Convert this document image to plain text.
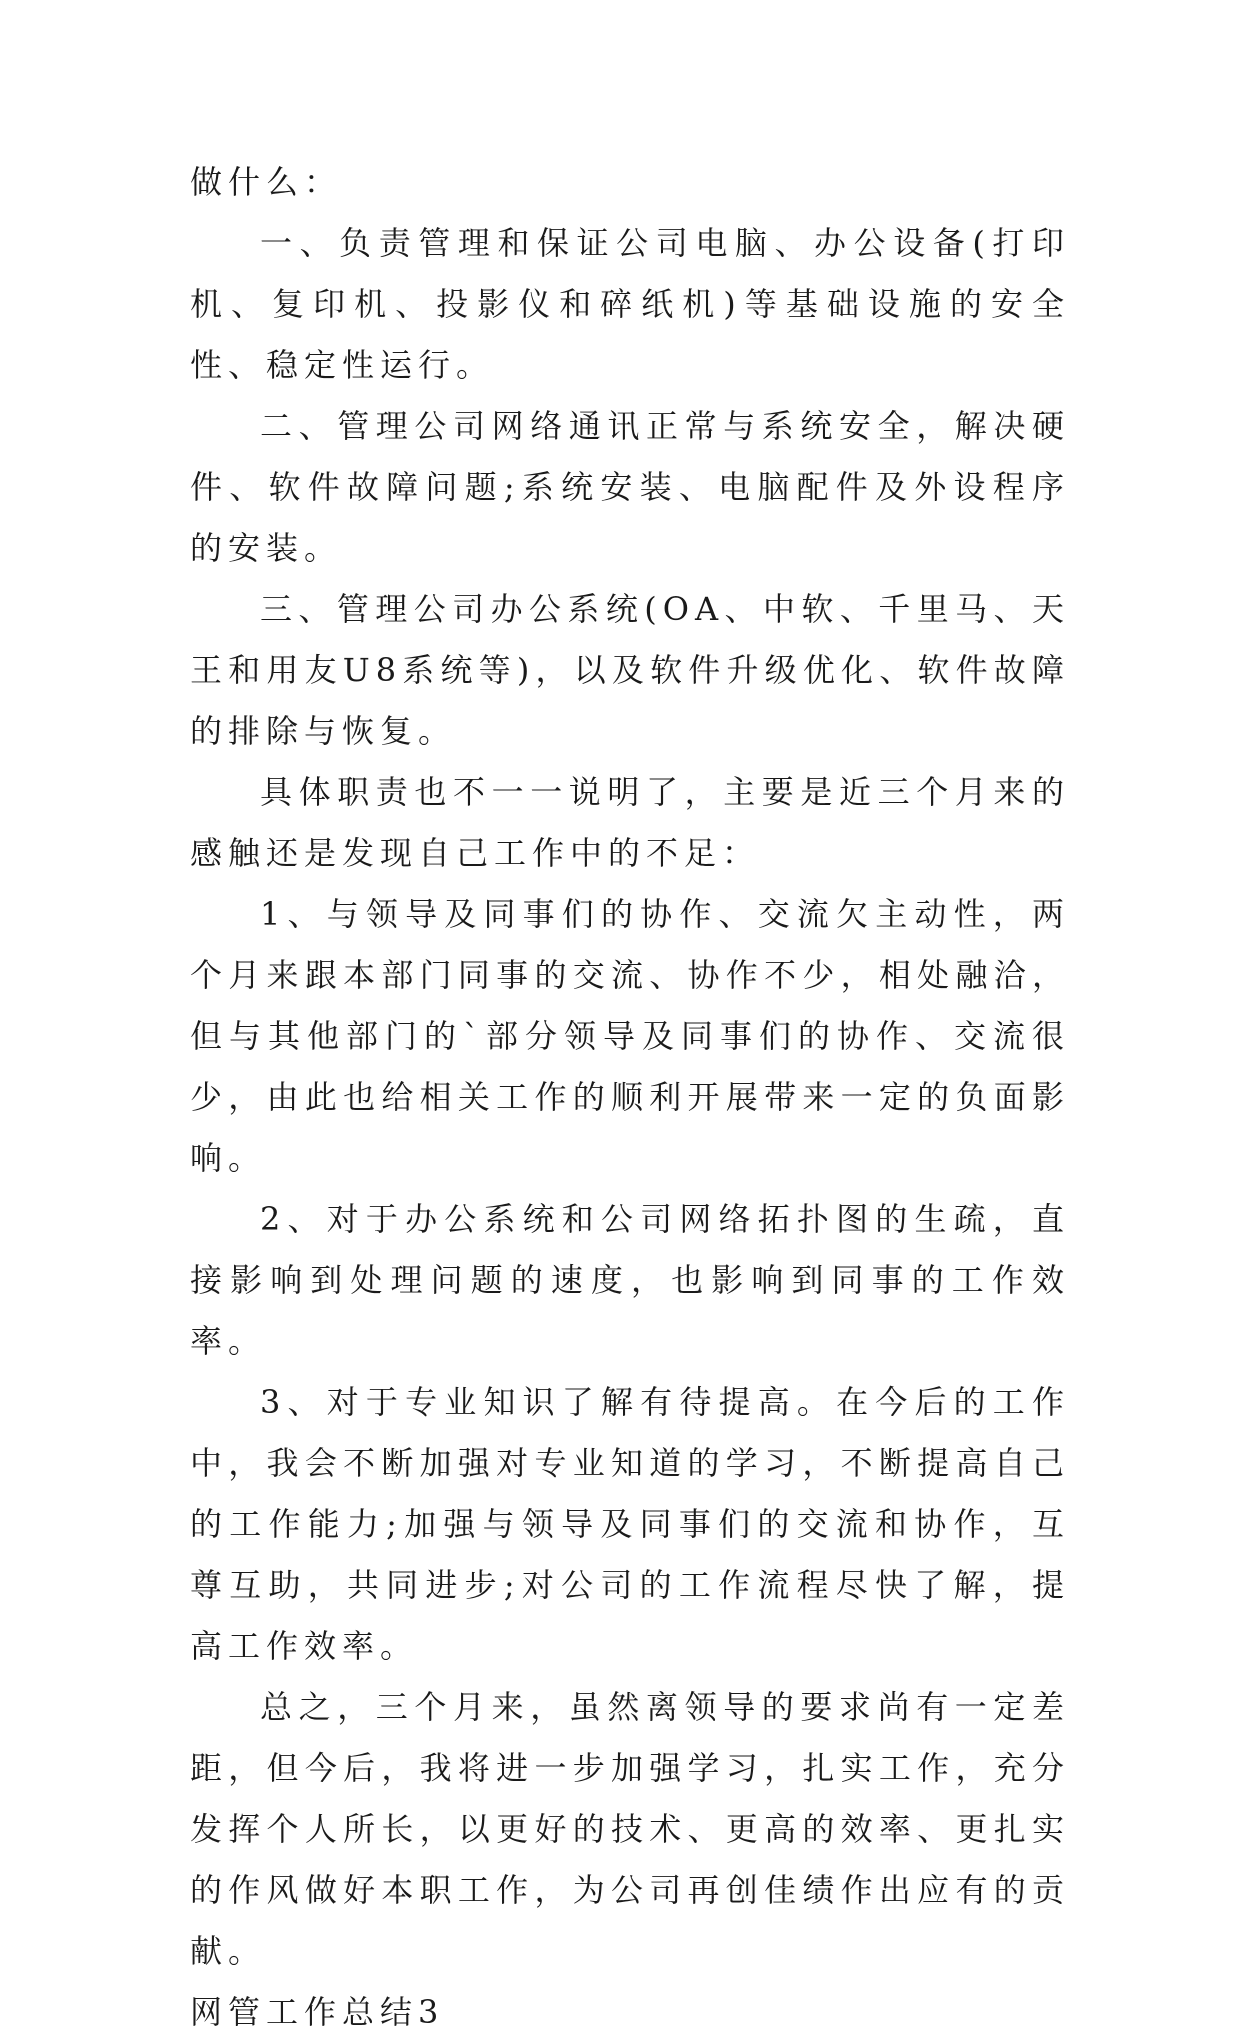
做什么：

一、负责管理和保证公司电脑、办公设备(打印机、复印机、投影仪和碎纸机)等基础设施的安全性、稳定性运行。

二、管理公司网络通讯正常与系统安全，解决硬件、软件故障问题;系统安装、电脑配件及外设程序的安装。

三、管理公司办公系统(OA、中软、千里马、天王和用友U8系统等)，以及软件升级优化、软件故障的排除与恢复。

具体职责也不一一说明了，主要是近三个月来的感触还是发现自己工作中的不足：

1、与领导及同事们的协作、交流欠主动性，两个月来跟本部门同事的交流、协作不少，相处融洽，但与其他部门的`部分领导及同事们的协作、交流很少，由此也给相关工作的顺利开展带来一定的负面影响。

2、对于办公系统和公司网络拓扑图的生疏，直接影响到处理问题的速度，也影响到同事的工作效率。

3、对于专业知识了解有待提高。在今后的工作中，我会不断加强对专业知道的学习，不断提高自己的工作能力;加强与领导及同事们的交流和协作，互尊互助，共同进步;对公司的工作流程尽快了解，提高工作效率。

总之，三个月来，虽然离领导的要求尚有一定差距，但今后，我将进一步加强学习，扎实工作，充分发挥个人所长，以更好的技术、更高的效率、更扎实的作风做好本职工作，为公司再创佳绩作出应有的贡献。

网管工作总结3
